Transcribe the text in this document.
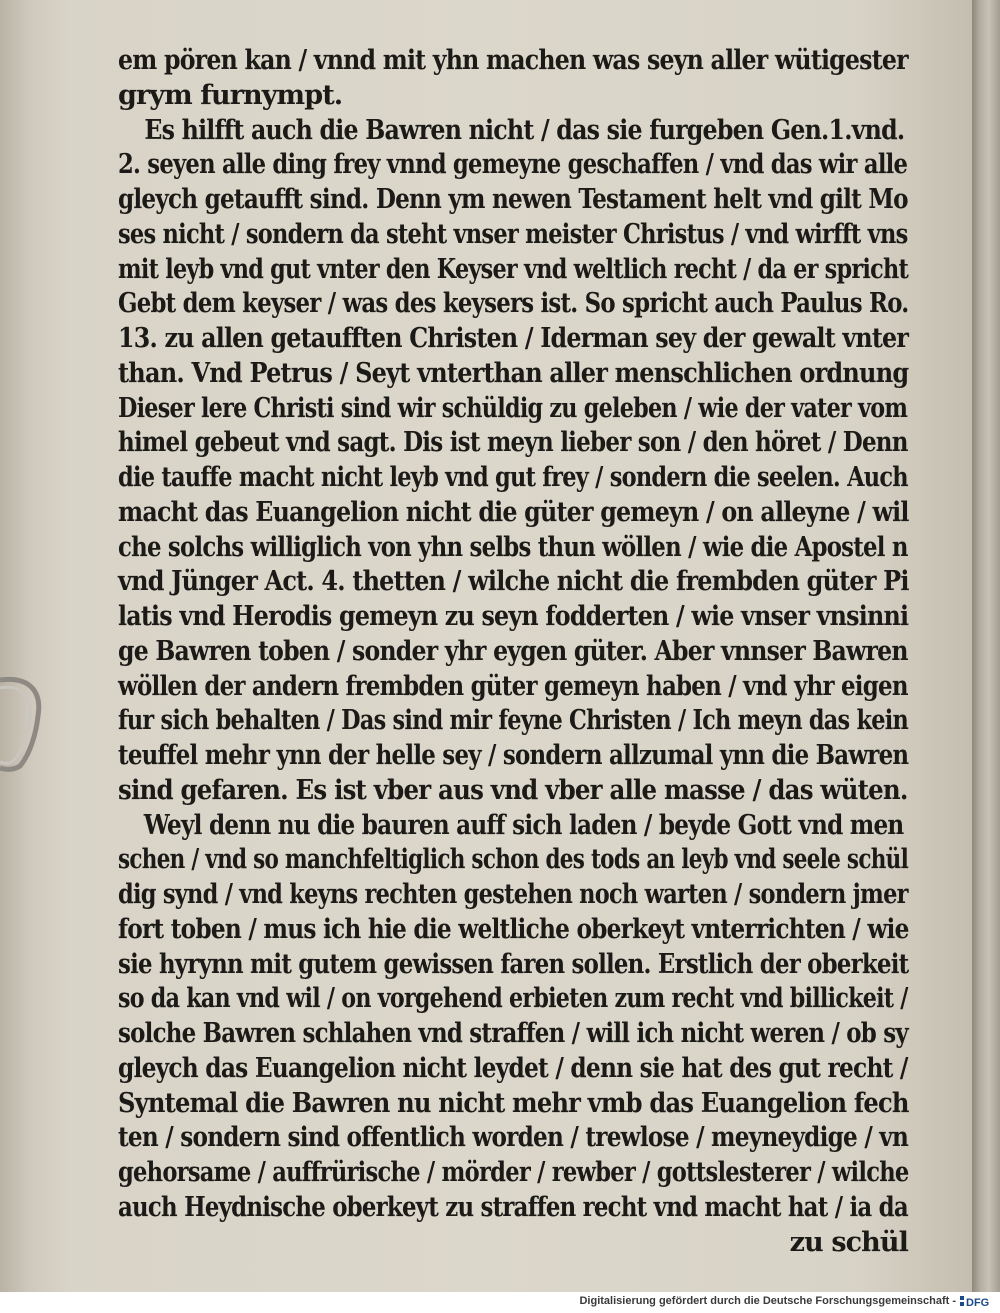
em pören kan / vnnd mit yhn machen was seyn aller wütigester
grym furnympt.
Es hilfft auch die Bawren nicht / das sie furgeben Gen.1.vnd.
2. seyen alle ding frey vnnd gemeyne geschaffen / vnd das wir alle
gleych getaufft sind. Denn ym newen Testament helt vnd gilt Mo
ses nicht / sondern da steht vnser meister Christus / vnd wirfft vns
mit leyb vnd gut vnter den Keyser vnd weltlich recht / da er spricht
Gebt dem keyser / was des keysers ist. So spricht auch Paulus Ro.
13. zu allen getaufften Christen / Iderman sey der gewalt vnter
than. Vnd Petrus / Seyt vnterthan aller menschlichen ordnung
Dieser lere Christi sind wir schüldig zu geleben / wie der vater vom
himel gebeut vnd sagt. Dis ist meyn lieber son / den höret / Denn
die tauffe macht nicht leyb vnd gut frey / sondern die seelen. Auch
macht das Euangelion nicht die güter gemeyn / on alleyne / wil
che solchs williglich von yhn selbs thun wöllen / wie die Apostel n
vnd Jünger Act. 4. thetten / wilche nicht die frembden güter Pi
latis vnd Herodis gemeyn zu seyn fodderten / wie vnser vnsinni
ge Bawren toben / sonder yhr eygen güter. Aber vnnser Bawren
wöllen der andern frembden güter gemeyn haben / vnd yhr eigen
fur sich behalten / Das sind mir feyne Christen / Ich meyn das kein
teuffel mehr ynn der helle sey / sondern allzumal ynn die Bawren
sind gefaren. Es ist vber aus vnd vber alle masse / das wüten.
Weyl denn nu die bauren auff sich laden / beyde Gott vnd men
schen / vnd so manchfeltiglich schon des tods an leyb vnd seele schül
dig synd / vnd keyns rechten gestehen noch warten / sondern jmer
fort toben / mus ich hie die weltliche oberkeyt vnterrichten / wie
sie hyrynn mit gutem gewissen faren sollen. Erstlich der oberkeit
so da kan vnd wil / on vorgehend erbieten zum recht vnd billickeit /
solche Bawren schlahen vnd straffen / will ich nicht weren / ob sy
gleych das Euangelion nicht leydet / denn sie hat des gut recht /
Syntemal die Bawren nu nicht mehr vmb das Euangelion fech
ten / sondern sind offentlich worden / trewlose / meyneydige / vn
gehorsame / auffrürische / mörder / rewber / gottslesterer / wilche
auch Heydnische oberkeyt zu straffen recht vnd macht hat / ia da
zu schül
Digitalisierung gefördert durch die Deutsche Forschungsgemeinschaft - DFG
